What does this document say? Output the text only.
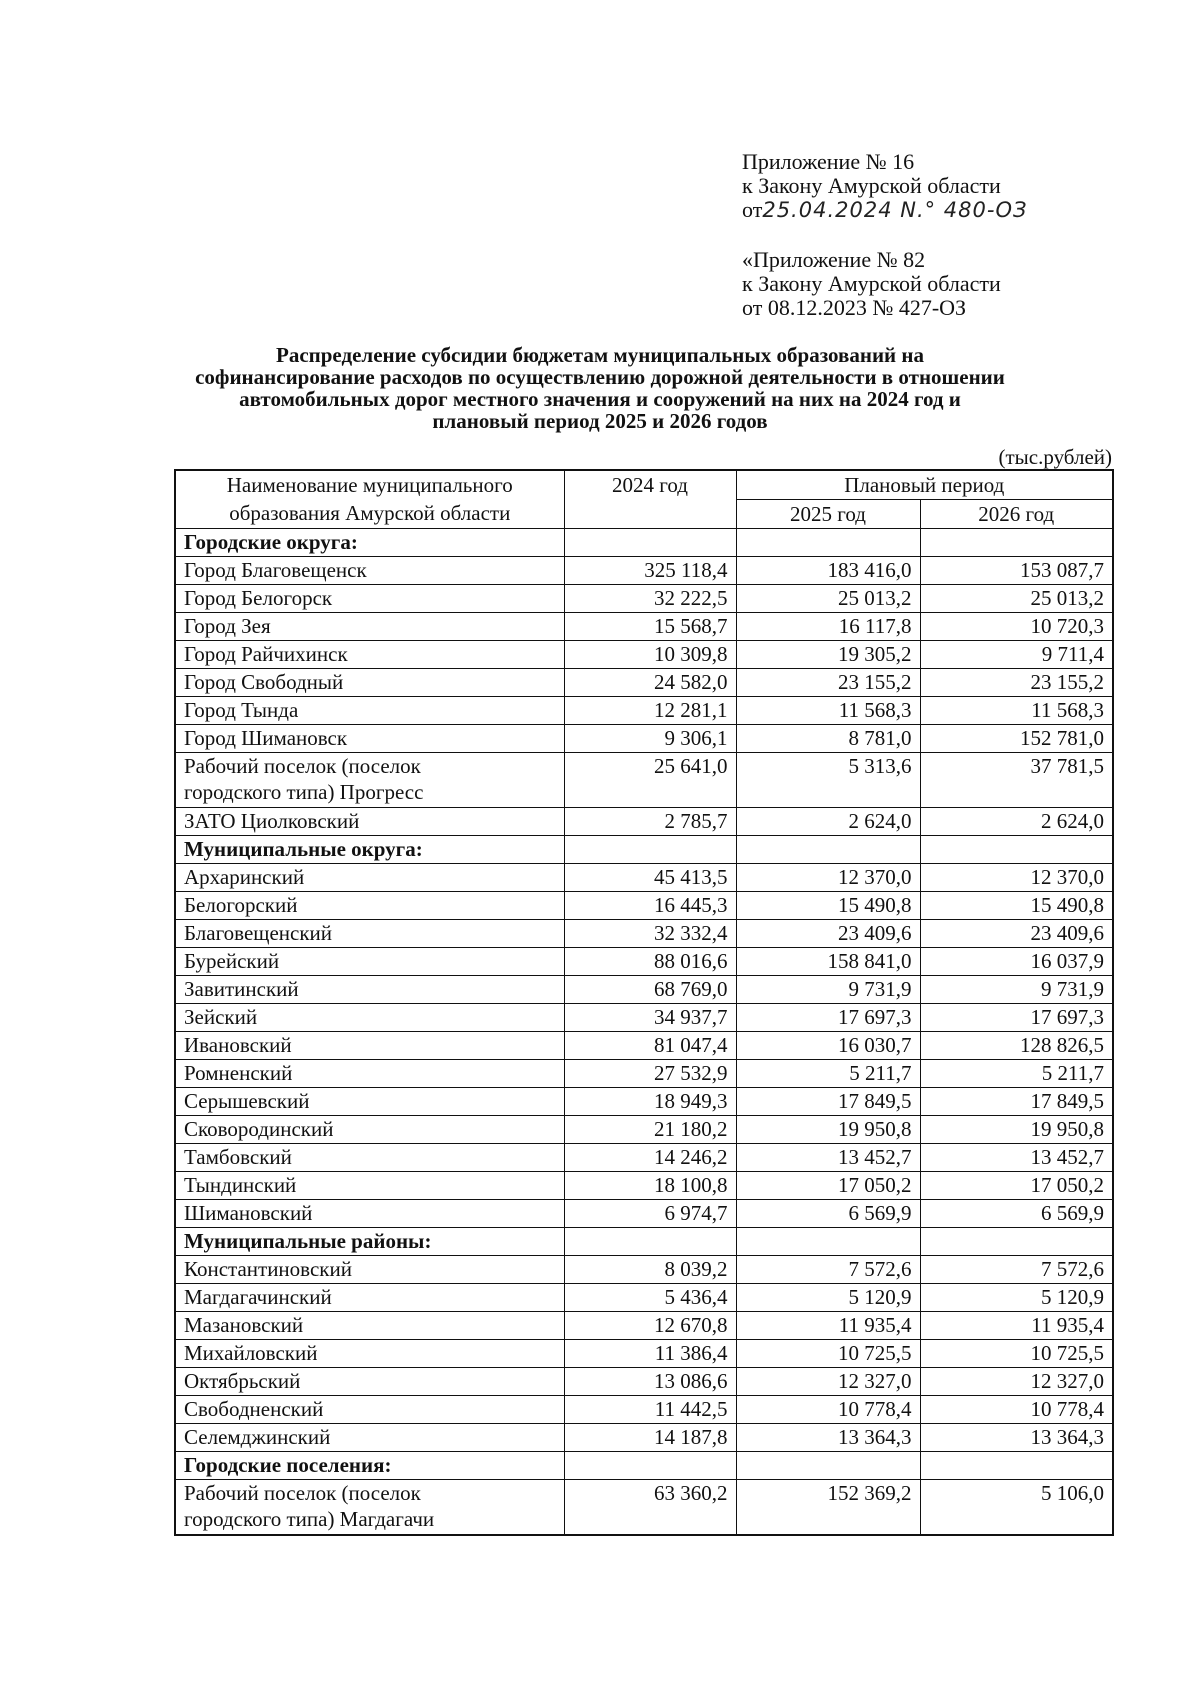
Приложение № 16
к Закону Амурской области
от25.04.2024 N.° 480-ОЗ
«Приложение № 82
к Закону Амурской области
от 08.12.2023 № 427-ОЗ
Распределение субсидии бюджетам муниципальных образований на
софинансирование расходов по осуществлению дорожной деятельности в отношении
автомобильных дорог местного значения и сооружений на них на 2024 год и
плановый период 2025 и 2026 годов
(тыс.рублей)
Наименование муниципального
образования Амурской области	2024 год	Плановый период	
		2025 год	2026 год
Городские округа:			
Город Благовещенск	325 118,4	183 416,0	153 087,7
Город Белогорск	32 222,5	25 013,2	25 013,2
Город Зея	15 568,7	16 117,8	10 720,3
Город Райчихинск	10 309,8	19 305,2	9 711,4
Город Свободный	24 582,0	23 155,2	23 155,2
Город Тында	12 281,1	11 568,3	11 568,3
Город Шимановск	9 306,1	8 781,0	152 781,0

Рабочий поселок (поселок
городского типа) Прогресс	25 641,0	5 313,6	37 781,5
ЗАТО Циолковский	2 785,7	2 624,0	2 624,0
Муниципальные округа:			
Архаринский	45 413,5	12 370,0	12 370,0
Белогорский	16 445,3	15 490,8	15 490,8
Благовещенский	32 332,4	23 409,6	23 409,6
Бурейский	88 016,6	158 841,0	16 037,9
Завитинский	68 769,0	9 731,9	9 731,9
Зейский	34 937,7	17 697,3	17 697,3
Ивановский	81 047,4	16 030,7	128 826,5
Ромненский	27 532,9	5 211,7	5 211,7
Серышевский	18 949,3	17 849,5	17 849,5
Сковородинский	21 180,2	19 950,8	19 950,8
Тамбовский	14 246,2	13 452,7	13 452,7
Тындинский	18 100,8	17 050,2	17 050,2
Шимановский	6 974,7	6 569,9	6 569,9
Муниципальные районы:			
Константиновский	8 039,2	7 572,6	7 572,6
Магдагачинский	5 436,4	5 120,9	5 120,9
Мазановский	12 670,8	11 935,4	11 935,4
Михайловский	11 386,4	10 725,5	10 725,5
Октябрьский	13 086,6	12 327,0	12 327,0
Свободненский	11 442,5	10 778,4	10 778,4
Селемджинский	14 187,8	13 364,3	13 364,3
Городские поселения:			

Рабочий поселок (поселок
городского типа) Магдагачи	63 360,2	152 369,2	5 106,0
